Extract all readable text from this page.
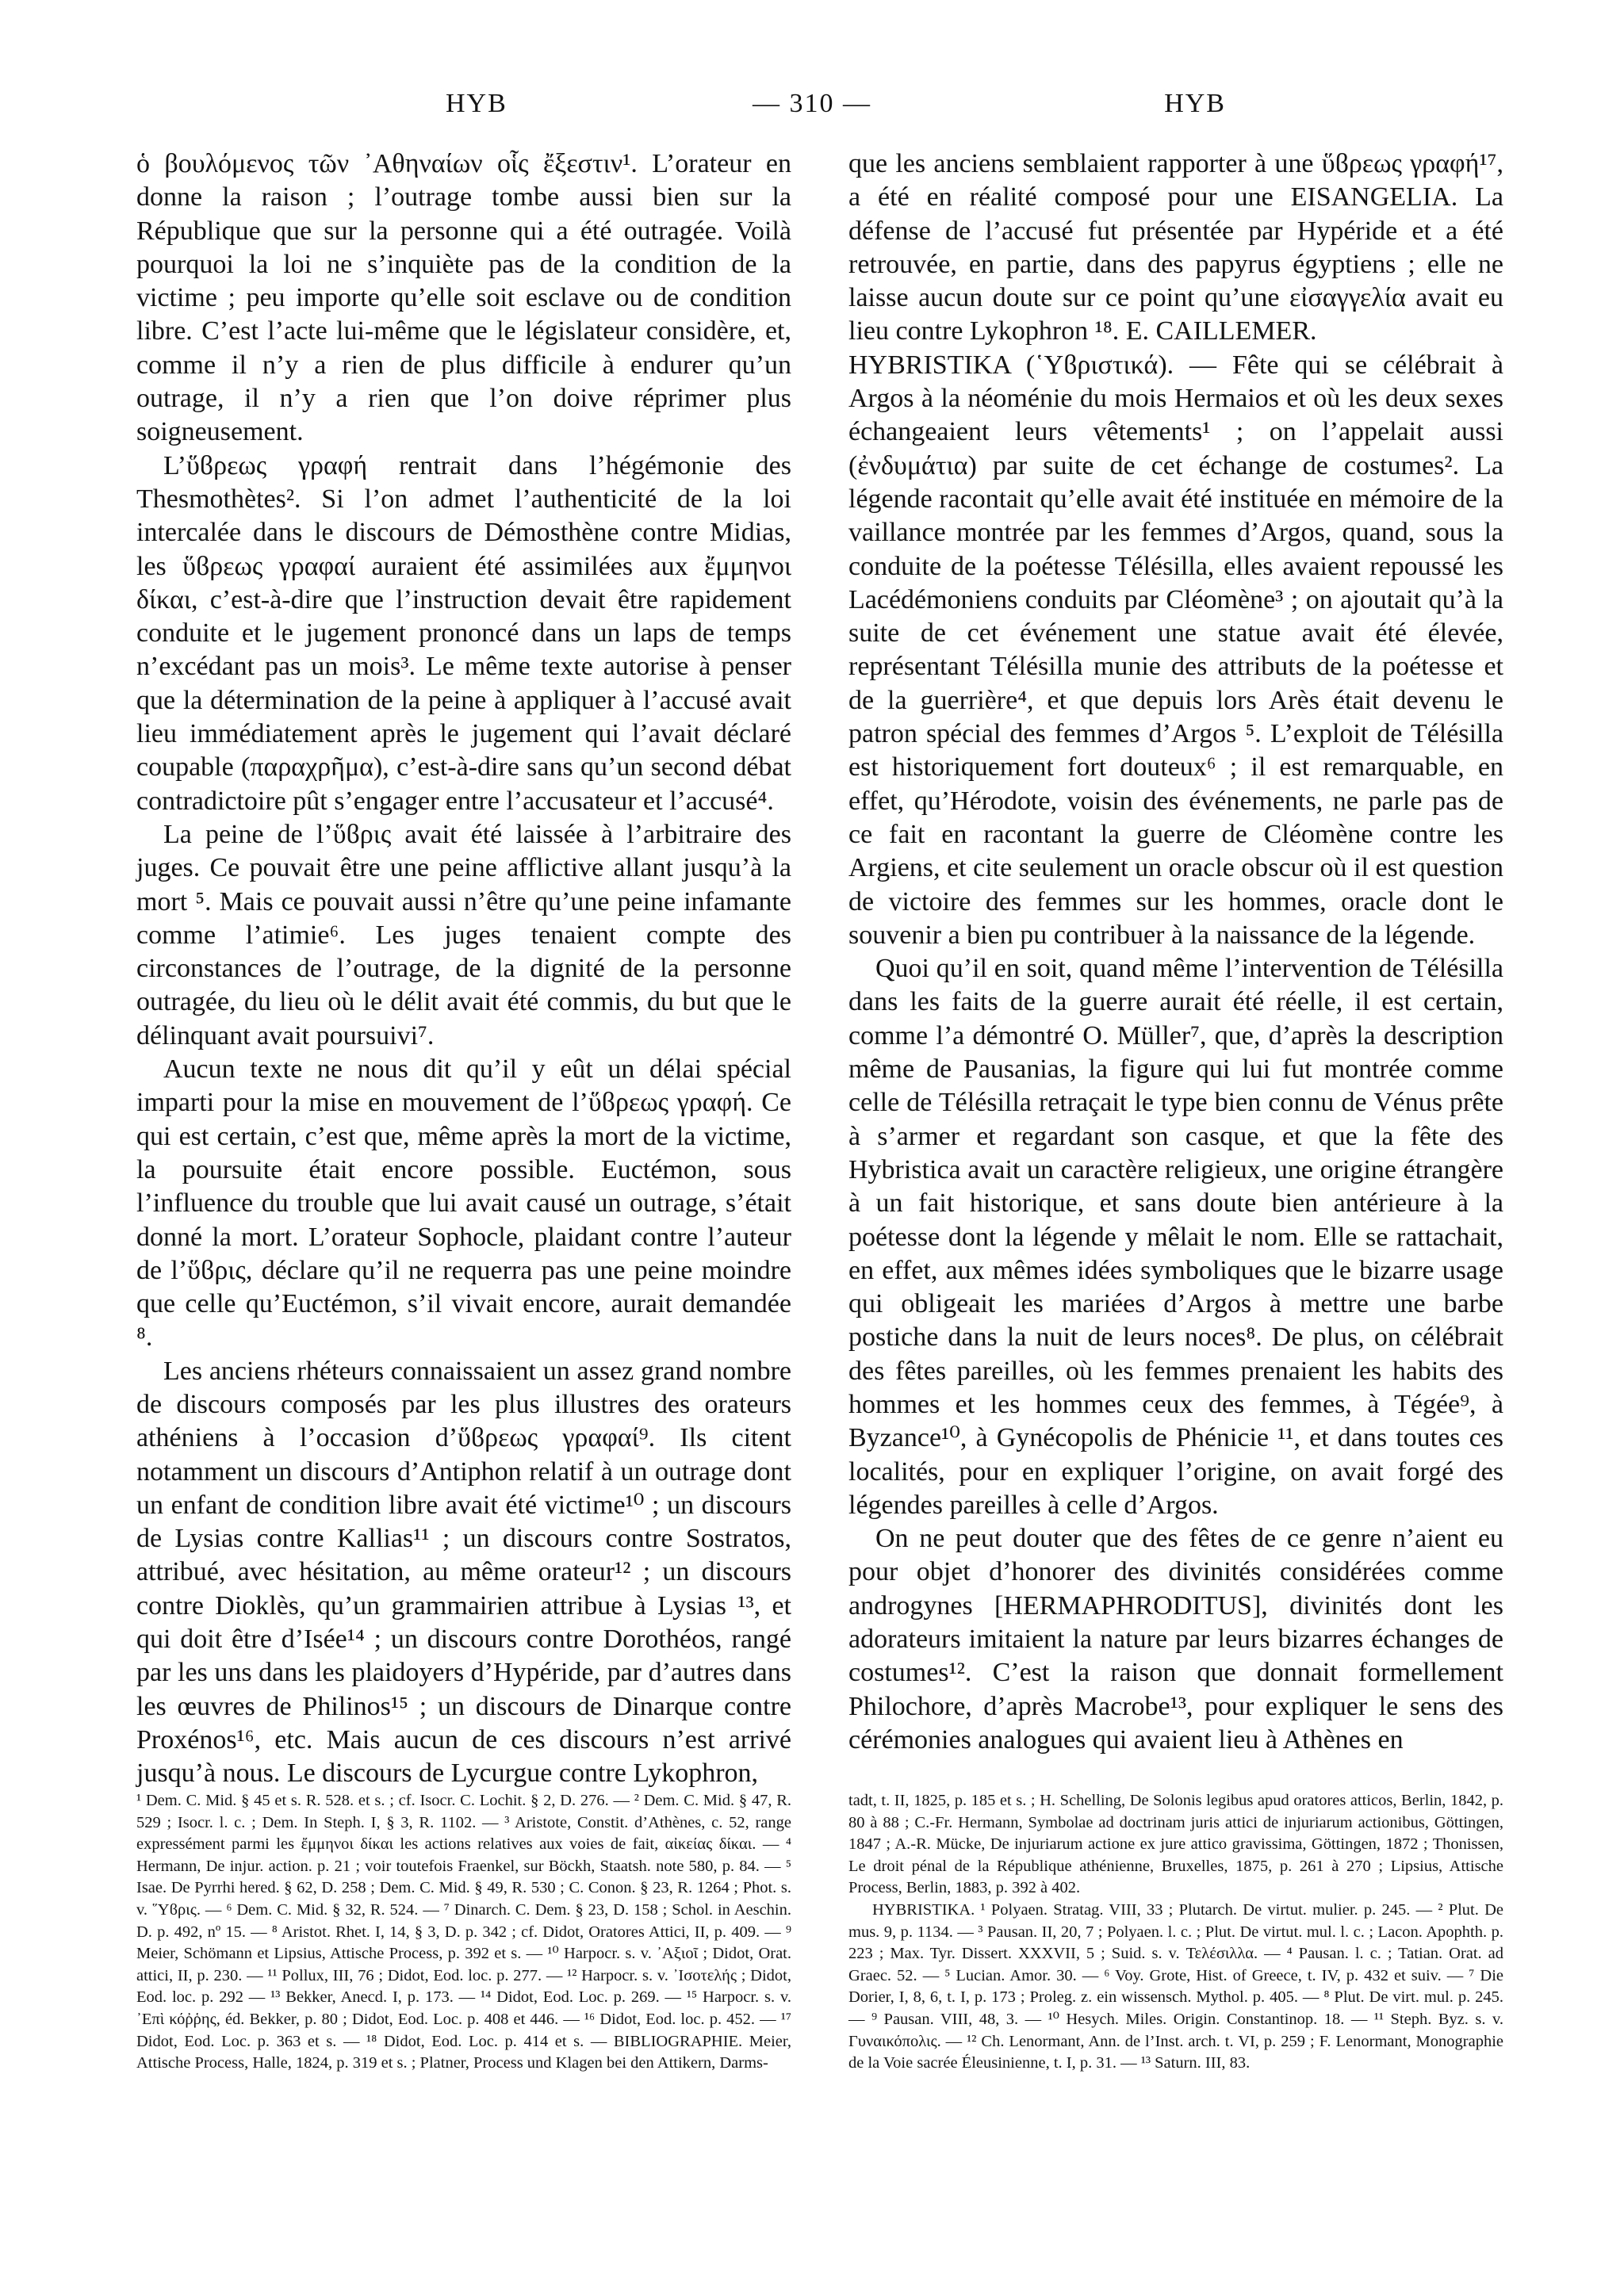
HYB	— 310 —	HYB

ὁ βουλόμενος τῶν ᾿Αθηναίων οἷς ἔξεστιν¹. L’orateur en donne la raison ; l’outrage tombe aussi bien sur la République que sur la personne qui a été outragée. Voilà pourquoi la loi ne s’inquiète pas de la condition de la victime ; peu importe qu’elle soit esclave ou de condition libre. C’est l’acte lui-même que le législateur considère, et, comme il n’y a rien de plus difficile à endurer qu’un outrage, il n’y a rien que l’on doive réprimer plus soigneusement.

L’ὕϐρεως γραφή rentrait dans l’hégémonie des Thesmothètes². Si l’on admet l’authenticité de la loi intercalée dans le discours de Démosthène contre Midias, les ὕϐρεως γραφαί auraient été assimilées aux ἔμμηνοι δίκαι, c’est-à-dire que l’instruction devait être rapidement conduite et le jugement prononcé dans un laps de temps n’excédant pas un mois³. Le même texte autorise à penser que la détermination de la peine à appliquer à l’accusé avait lieu immédiatement après le jugement qui l’avait déclaré coupable (παραχρῆμα), c’est-à-dire sans qu’un second débat contradictoire pût s’engager entre l’accusateur et l’accusé⁴.

La peine de l’ὕϐρις avait été laissée à l’arbitraire des juges. Ce pouvait être une peine afflictive allant jusqu’à la mort ⁵. Mais ce pouvait aussi n’être qu’une peine infamante comme l’atimie⁶. Les juges tenaient compte des circonstances de l’outrage, de la dignité de la personne outragée, du lieu où le délit avait été commis, du but que le délinquant avait poursuivi⁷.

Aucun texte ne nous dit qu’il y eût un délai spécial imparti pour la mise en mouvement de l’ὕϐρεως γραφή. Ce qui est certain, c’est que, même après la mort de la victime, la poursuite était encore possible. Euctémon, sous l’influence du trouble que lui avait causé un outrage, s’était donné la mort. L’orateur Sophocle, plaidant contre l’auteur de l’ὕϐρις, déclare qu’il ne requerra pas une peine moindre que celle qu’Euctémon, s’il vivait encore, aurait demandée ⁸.

Les anciens rhéteurs connaissaient un assez grand nombre de discours composés par les plus illustres des orateurs athéniens à l’occasion d’ὕϐρεως γραφαί⁹. Ils citent notamment un discours d’Antiphon relatif à un outrage dont un enfant de condition libre avait été victime¹⁰ ; un discours de Lysias contre Kallias¹¹ ; un discours contre Sostratos, attribué, avec hésitation, au même orateur¹² ; un discours contre Dioklès, qu’un grammairien attribue à Lysias ¹³, et qui doit être d’Isée¹⁴ ; un discours contre Dorothéos, rangé par les uns dans les plaidoyers d’Hypéride, par d’autres dans les œuvres de Philinos¹⁵ ; un discours de Dinarque contre Proxénos¹⁶, etc. Mais aucun de ces discours n’est arrivé jusqu’à nous. Le discours de Lycurgue contre Lykophron,

que les anciens semblaient rapporter à une ὕϐρεως γραφή¹⁷, a été en réalité composé pour une EISANGELIA. La défense de l’accusé fut présentée par Hypéride et a été retrouvée, en partie, dans des papyrus égyptiens ; elle ne laisse aucun doute sur ce point qu’une εἰσαγγελία avait eu lieu contre Lykophron ¹⁸. E. CAILLEMER.

HYBRISTIKA (῾Υϐριστικά). — Fête qui se célébrait à Argos à la néoménie du mois Hermaios et où les deux sexes échangeaient leurs vêtements¹ ; on l’appelait aussi (ἐνδυμάτια) par suite de cet échange de costumes². La légende racontait qu’elle avait été instituée en mémoire de la vaillance montrée par les femmes d’Argos, quand, sous la conduite de la poétesse Télésilla, elles avaient repoussé les Lacédémoniens conduits par Cléomène³ ; on ajoutait qu’à la suite de cet événement une statue avait été élevée, représentant Télésilla munie des attributs de la poétesse et de la guerrière⁴, et que depuis lors Arès était devenu le patron spécial des femmes d’Argos ⁵. L’exploit de Télésilla est historiquement fort douteux⁶ ; il est remarquable, en effet, qu’Hérodote, voisin des événements, ne parle pas de ce fait en racontant la guerre de Cléomène contre les Argiens, et cite seulement un oracle obscur où il est question de victoire des femmes sur les hommes, oracle dont le souvenir a bien pu contribuer à la naissance de la légende.

Quoi qu’il en soit, quand même l’intervention de Télésilla dans les faits de la guerre aurait été réelle, il est certain, comme l’a démontré O. Müller⁷, que, d’après la description même de Pausanias, la figure qui lui fut montrée comme celle de Télésilla retraçait le type bien connu de Vénus prête à s’armer et regardant son casque, et que la fête des Hybristica avait un caractère religieux, une origine étrangère à un fait historique, et sans doute bien antérieure à la poétesse dont la légende y mêlait le nom. Elle se rattachait, en effet, aux mêmes idées symboliques que le bizarre usage qui obligeait les mariées d’Argos à mettre une barbe postiche dans la nuit de leurs noces⁸. De plus, on célébrait des fêtes pareilles, où les femmes prenaient les habits des hommes et les hommes ceux des femmes, à Tégée⁹, à Byzance¹⁰, à Gynécopolis de Phénicie ¹¹, et dans toutes ces localités, pour en expliquer l’origine, on avait forgé des légendes pareilles à celle d’Argos.

On ne peut douter que des fêtes de ce genre n’aient eu pour objet d’honorer des divinités considérées comme androgynes [HERMAPHRODITUS], divinités dont les adorateurs imitaient la nature par leurs bizarres échanges de costumes¹². C’est la raison que donnait formellement Philochore, d’après Macrobe¹³, pour expliquer le sens des cérémonies analogues qui avaient lieu à Athènes en

¹ Dem. C. Mid. § 45 et s. R. 528. et s. ; cf. Isocr. C. Lochit. § 2, D. 276. — ² Dem. C. Mid. § 47, R. 529 ; Isocr. l. c. ; Dem. In Steph. I, § 3, R. 1102. — ³ Aristote, Constit. d’Athènes, c. 52, range expressément parmi les ἔμμηνοι δίκαι les actions relatives aux voies de fait, αἰκείας δίκαι. — ⁴ Hermann, De injur. action. p. 21 ; voir toutefois Fraenkel, sur Böckh, Staatsh. note 580, p. 84. — ⁵ Isae. De Pyrrhi hered. § 62, D. 258 ; Dem. C. Mid. § 49, R. 530 ; C. Conon. § 23, R. 1264 ; Phot. s. v. ῞Υϐρις. — ⁶ Dem. C. Mid. § 32, R. 524. — ⁷ Dinarch. C. Dem. § 23, D. 158 ; Schol. in Aeschin. D. p. 492, nº 15. — ⁸ Aristot. Rhet. I, 14, § 3, D. p. 342 ; cf. Didot, Oratores Attici, II, p. 409. — ⁹ Meier, Schömann et Lipsius, Attische Process, p. 392 et s. — ¹⁰ Harpocr. s. v. ᾿Αξιοῖ ; Didot, Orat. attici, II, p. 230. — ¹¹ Pollux, III, 76 ; Didot, Eod. loc. p. 277. — ¹² Harpocr. s. v. ᾿Ισοτελής ; Didot, Eod. loc. p. 292 — ¹³ Bekker, Anecd. I, p. 173. — ¹⁴ Didot, Eod. Loc. p. 269. — ¹⁵ Harpocr. s. v. ᾿Επὶ κόῤῥης, éd. Bekker, p. 80 ; Didot, Eod. Loc. p. 408 et 446. — ¹⁶ Didot, Eod. loc. p. 452. — ¹⁷ Didot, Eod. Loc. p. 363 et s. — ¹⁸ Didot, Eod. Loc. p. 414 et s. — BIBLIOGRAPHIE. Meier, Attische Process, Halle, 1824, p. 319 et s. ; Platner, Process und Klagen bei den Attikern, Darms-

tadt, t. II, 1825, p. 185 et s. ; H. Schelling, De Solonis legibus apud oratores atticos, Berlin, 1842, p. 80 à 88 ; C.-Fr. Hermann, Symbolae ad doctrinam juris attici de injuriarum actionibus, Göttingen, 1847 ; A.-R. Mücke, De injuriarum actione ex jure attico gravissima, Göttingen, 1872 ; Thonissen, Le droit pénal de la République athénienne, Bruxelles, 1875, p. 261 à 270 ; Lipsius, Attische Process, Berlin, 1883, p. 392 à 402.

HYBRISTIKA. ¹ Polyaen. Stratag. VIII, 33 ; Plutarch. De virtut. mulier. p. 245. — ² Plut. De mus. 9, p. 1134. — ³ Pausan. II, 20, 7 ; Polyaen. l. c. ; Plut. De virtut. mul. l. c. ; Lacon. Apophth. p. 223 ; Max. Tyr. Dissert. XXXVII, 5 ; Suid. s. v. Τελέσιλλα. — ⁴ Pausan. l. c. ; Tatian. Orat. ad Graec. 52. — ⁵ Lucian. Amor. 30. — ⁶ Voy. Grote, Hist. of Greece, t. IV, p. 432 et suiv. — ⁷ Die Dorier, I, 8, 6, t. I, p. 173 ; Proleg. z. ein wissensch. Mythol. p. 405. — ⁸ Plut. De virt. mul. p. 245. — ⁹ Pausan. VIII, 48, 3. — ¹⁰ Hesych. Miles. Origin. Constantinop. 18. — ¹¹ Steph. Byz. s. v. Γυναικόπολις. — ¹² Ch. Lenormant, Ann. de l’Inst. arch. t. VI, p. 259 ; F. Lenormant, Monographie de la Voie sacrée Éleusinienne, t. I, p. 31. — ¹³ Saturn. III, 83.
